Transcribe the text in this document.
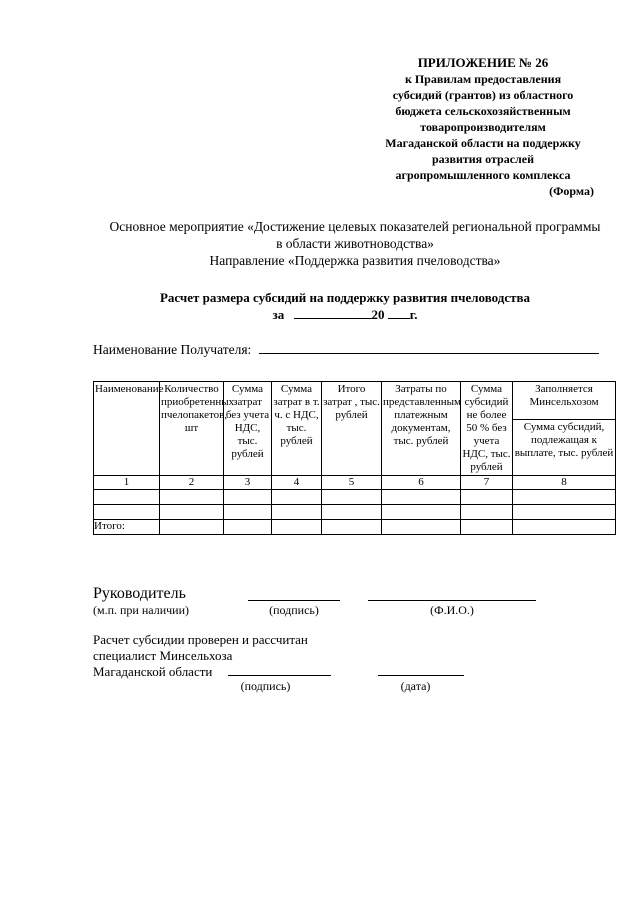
ПРИЛОЖЕНИЕ № 26
к Правилам предоставления
субсидий (грантов) из областного
бюджета сельскохозяйственным
товаропроизводителям
Магаданской области на поддержку
развития отраслей
агропромышленного комплекса
(Форма)
Основное мероприятие «Достижение целевых показателей региональной программы
в области животноводства»
Направление «Поддержка развития пчеловодства»
Расчет размера субсидий на поддержку развития пчеловодства
за	20 г.
Наименование Получателя:
Наименование	Количество приобретенных пчелопакетов, шт	Сумма затрат без учета НДС, тыс. рублей	Сумма затрат в т. ч. с НДС, тыс. рублей	Итого затрат , тыс. рублей	Затраты по представленным платежным документам, тыс. рублей	Сумма субсидий не более 50 % без учета НДС, тыс. рублей	Заполняется Минсельхозом
							Сумма субсидий, подлежащая к выплате, тыс. рублей
1	2	3	4	5	6	7	8

Итого:							
Руководитель
(м.п. при наличии)	(подпись)	(Ф.И.О.)
Расчет субсидии проверен и рассчитан
специалист Минсельхоза
Магаданской области
(подпись)	(дата)
